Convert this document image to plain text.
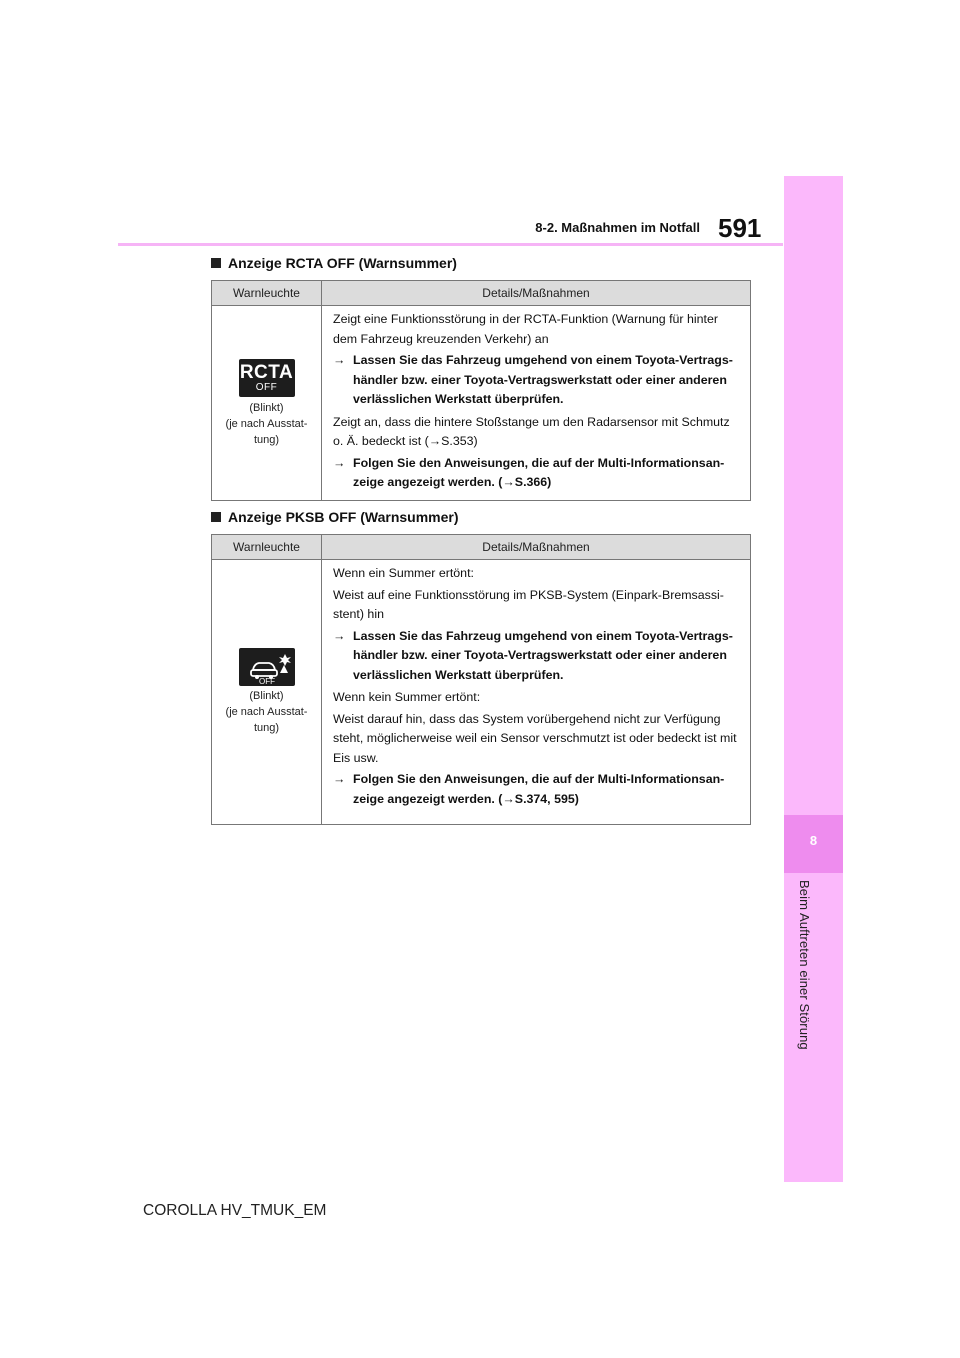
8-2. Maßnahmen im Notfall 591
8
Beim Auftreten einer Störung
Anzeige RCTA OFF (Warnsummer)
Warnleuchte	Details/Maßnahmen
RCTA
OFF
(Blinkt)
(je nach Ausstat-tung)

Zeigt eine Funktionsstörung in der RCTA-Funktion (Warnung für hinter dem Fahrzeug kreuzenden Verkehr) an

→ Lassen Sie das Fahrzeug umgehend von einem Toyota-Vertrags-händler bzw. einer Toyota-Vertragswerkstatt oder einer anderen verlässlichen Werkstatt überprüfen.

Zeigt an, dass die hintere Stoßstange um den Radarsensor mit Schmutz o. Ä. bedeckt ist (→S.353)

→ Folgen Sie den Anweisungen, die auf der Multi-Informationsan-zeige angezeigt werden. (→S.366)
Anzeige PKSB OFF (Warnsummer)
Warnleuchte	Details/Maßnahmen
OFF
(Blinkt)
(je nach Ausstat-tung)

Wenn ein Summer ertönt:

Weist auf eine Funktionsstörung im PKSB-System (Einpark-Bremsassi-stent) hin

→ Lassen Sie das Fahrzeug umgehend von einem Toyota-Vertrags-händler bzw. einer Toyota-Vertragswerkstatt oder einer anderen verlässlichen Werkstatt überprüfen.

Wenn kein Summer ertönt:

Weist darauf hin, dass das System vorübergehend nicht zur Verfügung steht, möglicherweise weil ein Sensor verschmutzt ist oder bedeckt ist mit Eis usw.

→ Folgen Sie den Anweisungen, die auf der Multi-Informationsan-zeige angezeigt werden. (→S.374, 595)
COROLLA HV_TMUK_EM
